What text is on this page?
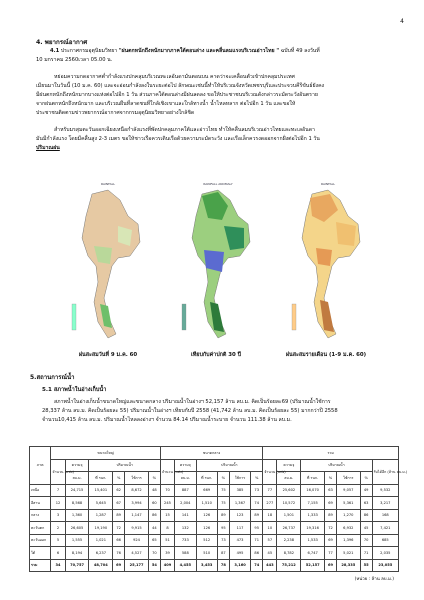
4
4. พยากรณ์อากาศ
4.1 ประกาศกรมอุตุนิยมวิทยา "ฝนตกหนักถึงหนักมากภาคใต้ตอนล่าง และคลื่นลมแรงบริเวณอ่าวไทย " ฉบับที่ 49 ลงวันที่
10 มกราคม 2560เวลา 05.00 น.
หย่อมความกดอากาศต่ำกำลังแรงปกคลุมบริเวณทะเลอันดามันตอนบน คาดว่าจะเคลื่อนตัวเข้าปกคลุมประเทศ
เมียนมาในวันนี้ (10 ม.ค. 60) และจะอ่อนกำลังลงในระยะต่อไป ลักษณะเช่นนี้ทำให้บริเวณจังหวัดเพชรบุรีและประจวบคีรีขันธ์ยังคง
มีฝนตกหนักถึงหนักมากบางแห่งต่อไปอีก 1 วัน ส่วนภาคใต้ตอนล่างมีฝนลดลง ขอให้ประชาชนบริเวณดังกล่าวระมัดระวังอันตราย
จากฝนตกหนักถึงหนักมาก และบริเวณผืนที่ลาดชนที่ใกล้เชิงเขาและใกล้ทางน้ำ น้ำไหลหลาก ต่อไปอีก 1 วัน และขอให้
ประชาชนติดตามข่าวพยากรณ์อากาศจากกรมอุตุนิยมวิทยาอย่างใกล้ชิด
สำหรับมรสุมตะวันออกเฉียงเหนือกำลังแรงที่พัดปกคลุมภาคใต้และอ่าวไทย ทำให้คลื่นลมบริเวณอ่าวไทยและทะเลอันดา
มันมีกำลังแรง โดยมีคลื่นสูง 2-3 เมตร ขอให้ชาวเรือควรเดินเรือด้วยความระมัดระวัง และเรือเล็กควรงดออกจากฝั่งต่อไปอีก 1 วัน
ปริมาณฝน
RAINFALL	RAINFALL ANOMALY	RAINFALL
ฝนสะสมวันที่ 9 ม.ค. 60	เทียบกับค่าปกติ 30 ปี	ฝนสะสมรายเดือน (1-9 ม.ค. 60)
5.สถานการณ์น้ำ
5.1 สภาพน้ำในอ่างเก็บน้ำ
สภาพน้ำในอ่างเก็บน้ำขนาดใหญ่และขนาดกลาง ปริมาณน้ำในอ่างฯ 52,157 ล้าน ลบ.ม. คิดเป็นร้อยละ69 (ปริมาณน้ำใช้การ
28,337 ล้าน ลบ.ม. คิดเป็นร้อยละ 55) ปริมาณน้ำในอ่างฯ เทียบกับปี 2558 (41,742 ล้าน ลบ.ม. คิดเป็นร้อยละ 55) มากกว่าปี 2558
จำนวน10,415 ล้าน ลบ.ม. ปริมาณน้ำไหลลงอ่างฯ จำนวน 84.14 ปริมาณน้ำระบาย จำนวน 111.38 ล้าน ลบ.ม.
ภาค	ขนาดใหญ่						ขนาดกลาง						รวม						
	จำนวน (แห่ง)	ความจุ	ปริมาณน้ำ				จำนวน (แห่ง)	ความจุ	ปริมาณน้ำ				จำนวน (แห่ง)	ความจุ	ปริมาณน้ำ				รับได้อีก (ล้าน ลบ.ม.)
		ลบ.ม.	ที่ รนก.	%	ใช้การ	%		ลบ.ม.	ที่ รนก.	%	ใช้การ	%		ลบ.ม.	ที่ รนก.	%	ใช้การ	%	
เหนือ	7	24,715	15,401	62	8,672	48	70	887	669	75	385	73	77	25,602	16,070	63	9,057	49	9,532
อีสาน	12	8,568	5,645	67	3,994	60	245	2,004	1,510	75	1,367	74	277	10,572	7,155	69	5,361	63	3,217
กลาง	3	1,360	1,287	89	1,147	86	15	141	126	89	123	89	18	1,501	1,333	89	1,270	86	168
ตะวันตก	2	26,605	19,190	72	9,915	44	8	132	126	95	117	95	10	26,737	19,316	72	6,932	45	7,421
ตะวันออก	5	1,555	1,021	66	924	65	51	733	512	73	473	71	57	2,238	1,533	69	1,396	70	685
ใต้	6	8,194	6,237	76	4,527	70	39	588	510	87	495	86	45	8,782	6,747	77	5,021	71	2,035
รวม	34	70,757	48,704	69	25,177	54	409	4,455	3,453	78	3,160	74	443	75,212	52,157	69	28,335	55	23,055
(หน่วย : ล้าน ลบ.ม.)
